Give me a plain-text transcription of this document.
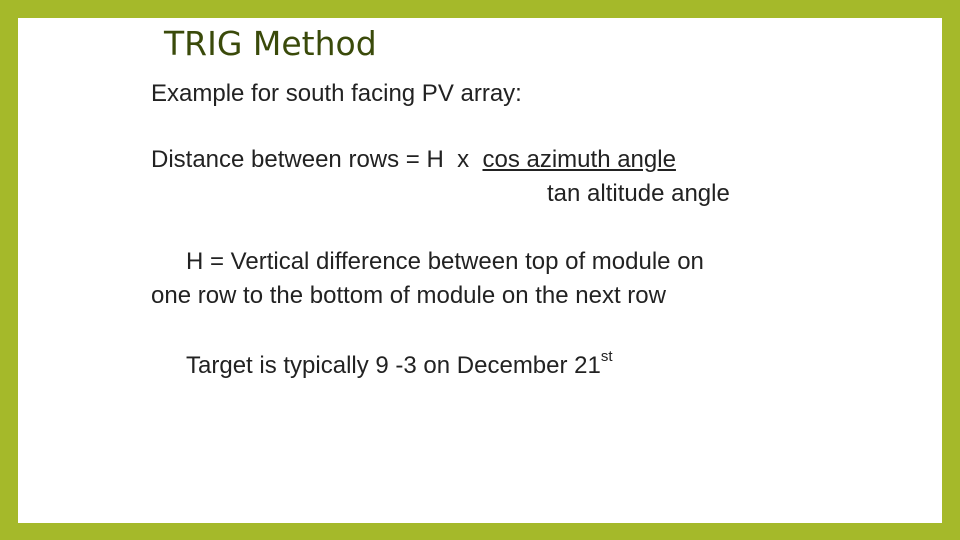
TRIG Method
Example for south facing PV array:
Distance between rows = H  x  cos azimuth angle
tan altitude angle
H = Vertical difference between top of module on
one row to the bottom of module on the next row
Target is typically 9 -3 on December 21st
